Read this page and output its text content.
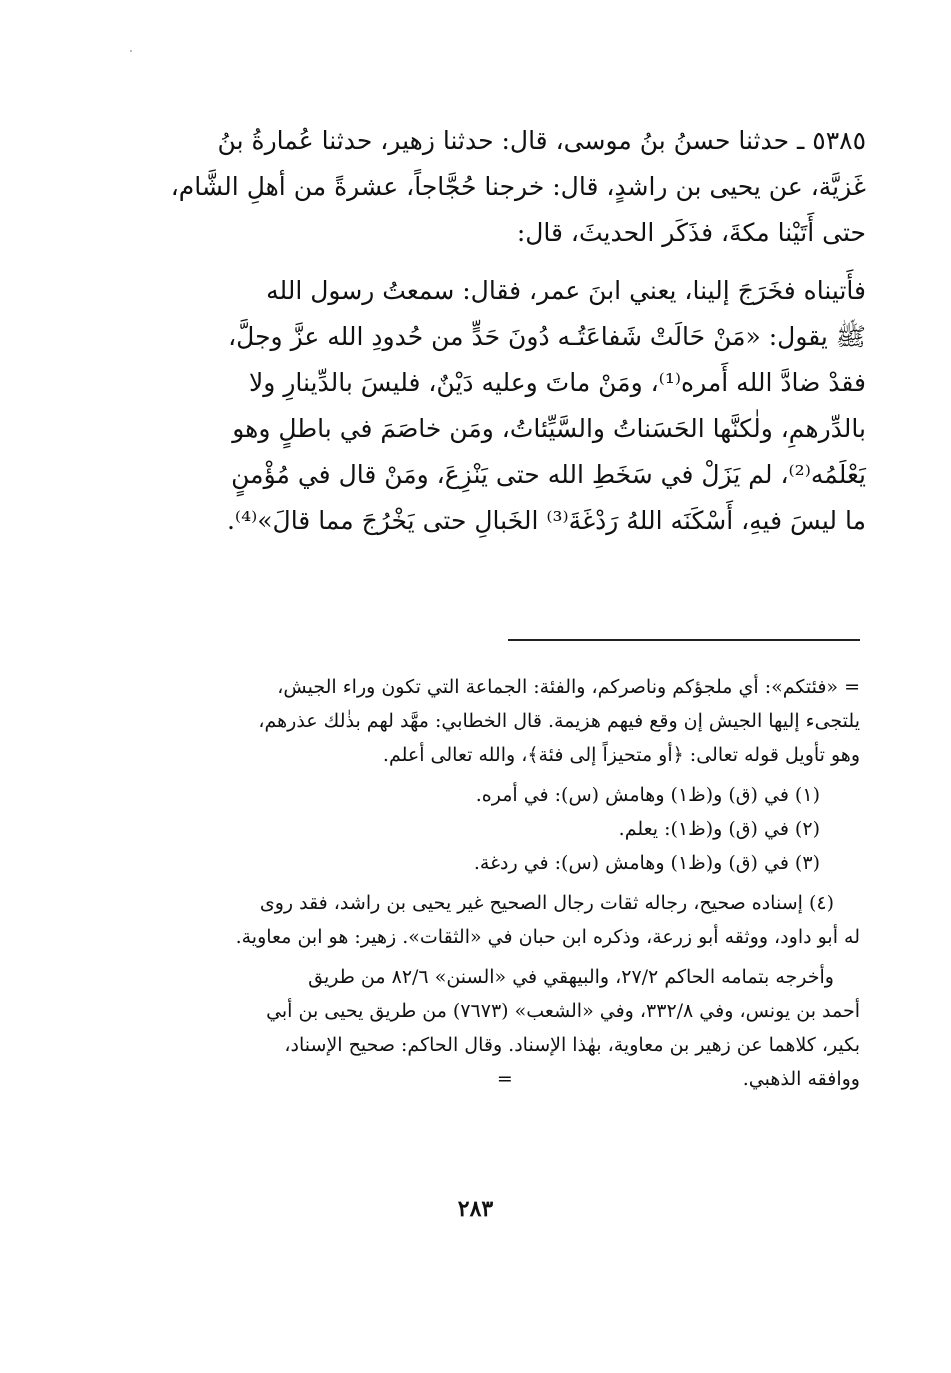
٥٣٨٥ ـ حدثنا حسنُ بنُ موسى، قال: حدثنا زهير، حدثنا عُمارةُ بنُ

غَزيَّة، عن يحيى بن راشدٍ، قال: خرجنا حُجَّاجاً، عشرةً من أهلِ الشَّام،

حتى أَتَيْنا مكةَ، فذَكَر الحديثَ، قال:

فأَتيناه فخَرَجَ إلينا، يعني ابنَ عمر، فقال: سمعتُ رسول الله

ﷺ يقول: «مَنْ حَالَتْ شَفاعَتُـه دُونَ حَدٍّ من حُدودِ الله عزَّ وجلَّ،

فقدْ ضادَّ الله أَمره⁽¹⁾، ومَنْ ماتَ وعليه دَيْنٌ، فليسَ بالدِّينارِ ولا

بالدِّرهمِ، ولٰكنَّها الحَسَناتُ والسَّيِّئاتُ، ومَن خاصَمَ في باطلٍ وهو

يَعْلَمُه⁽²⁾، لم يَزَلْ في سَخَطِ الله حتى يَنْزِعَ، ومَنْ قال في مُؤْمنٍ

ما ليسَ فيهِ، أَسْكَنَه اللهُ رَدْغَةَ⁽³⁾ الخَبالِ حتى يَخْرُجَ مما قالَ»⁽⁴⁾.

= «فئتكم»: أي ملجؤكم وناصركم، والفئة: الجماعة التي تكون وراء الجيش،

يلتجىء إليها الجيش إن وقع فيهم هزيمة. قال الخطابي: مهَّد لهم بذٰلك عذرهم،

وهو تأويل قوله تعالى: ﴿أو متحيزاً إلى فئة﴾، والله تعالى أعلم.

(١) في (ق) و(ظ١) وهامش (س): في أمره.

(٢) في (ق) و(ظ١): يعلم.

(٣) في (ق) و(ظ١) وهامش (س): في ردغة.

(٤) إسناده صحيح، رجاله ثقات رجال الصحيح غير يحيى بن راشد، فقد روى

له أبو داود، ووثقه أبو زرعة، وذكره ابن حبان في «الثقات». زهير: هو ابن معاوية.

وأخرجه بتمامه الحاكم ٢٧/٢، والبيهقي في «السنن» ٨٢/٦ من طريق

أحمد بن يونس، وفي ٣٣٢/٨، وفي «الشعب» (٧٦٧٣) من طريق يحيى بن أبي

بكير، كلاهما عن زهير بن معاوية، بهٰذا الإسناد. وقال الحاكم: صحيح الإسناد،

ووافقه الذهبي.=

٢٨٣
